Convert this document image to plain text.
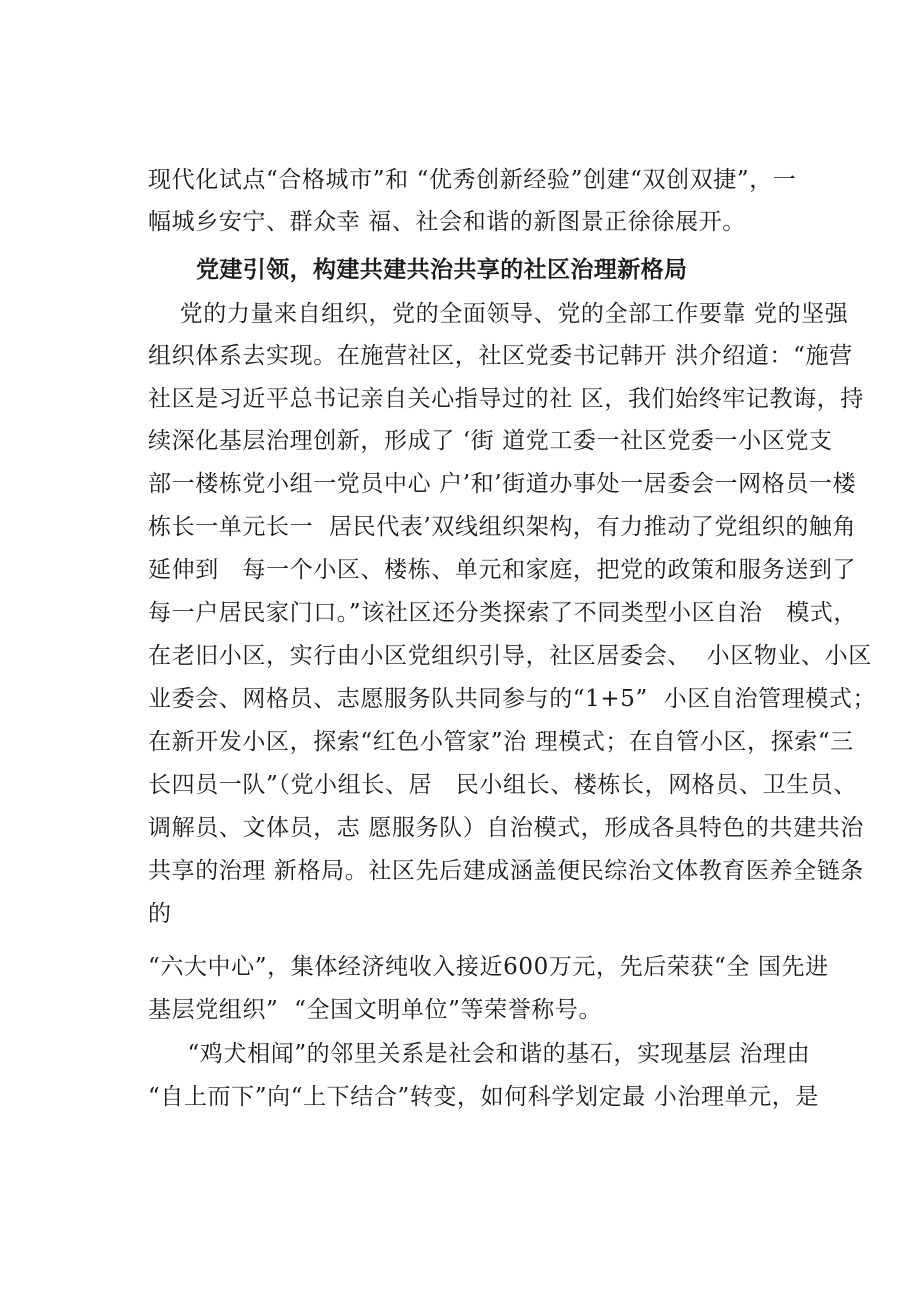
现代化试点“合格城市”和 “优秀创新经验”创建“双创双捷”，一
幅城乡安宁、群众幸 福、社会和谐的新图景正徐徐展开。
党建引领，构建共建共治共享的社区治理新格局
党的力量来自组织，党的全面领导、党的全部工作要靠 党的坚强
组织体系去实现。在施营社区，社区党委书记韩开 洪介绍道：“施营
社区是习近平总书记亲自关心指导过的社 区，我们始终牢记教诲，持
续深化基层治理创新，形成了 ‘街 道党工委一社区党委一小区党支
部一楼栋党小组一党员中心 户’和’街道办事处一居委会一网格员一楼
栋长一单元长一  居民代表’双线组织架构，有力推动了党组织的触角
延伸到   每一个小区、楼栋、单元和家庭，把党的政策和服务送到了
每一户居民家门口。”该社区还分类探索了不同类型小区自治   模式，
在老旧小区，实行由小区党组织引导，社区居委会、  小区物业、小区
业委会、网格员、志愿服务队共同参与的“1+5”  小区自治管理模式；
在新开发小区，探索“红色小管家”治 理模式；在自管小区，探索“三
长四员一队”（党小组长、居   民小组长、楼栋长，网格员、卫生员、
调解员、文体员，志 愿服务队）自治模式，形成各具特色的共建共治
共享的治理 新格局。社区先后建成涵盖便民综治文体教育医养全链条
的
“六大中心”，集体经济纯收入接近600万元，先后荣获“全 国先进
基层党组织”  “全国文明单位”等荣誉称号。
“鸡犬相闻”的邻里关系是社会和谐的基石，实现基层 治理由
“自上而下”向“上下结合”转变，如何科学划定最 小治理单元，是
